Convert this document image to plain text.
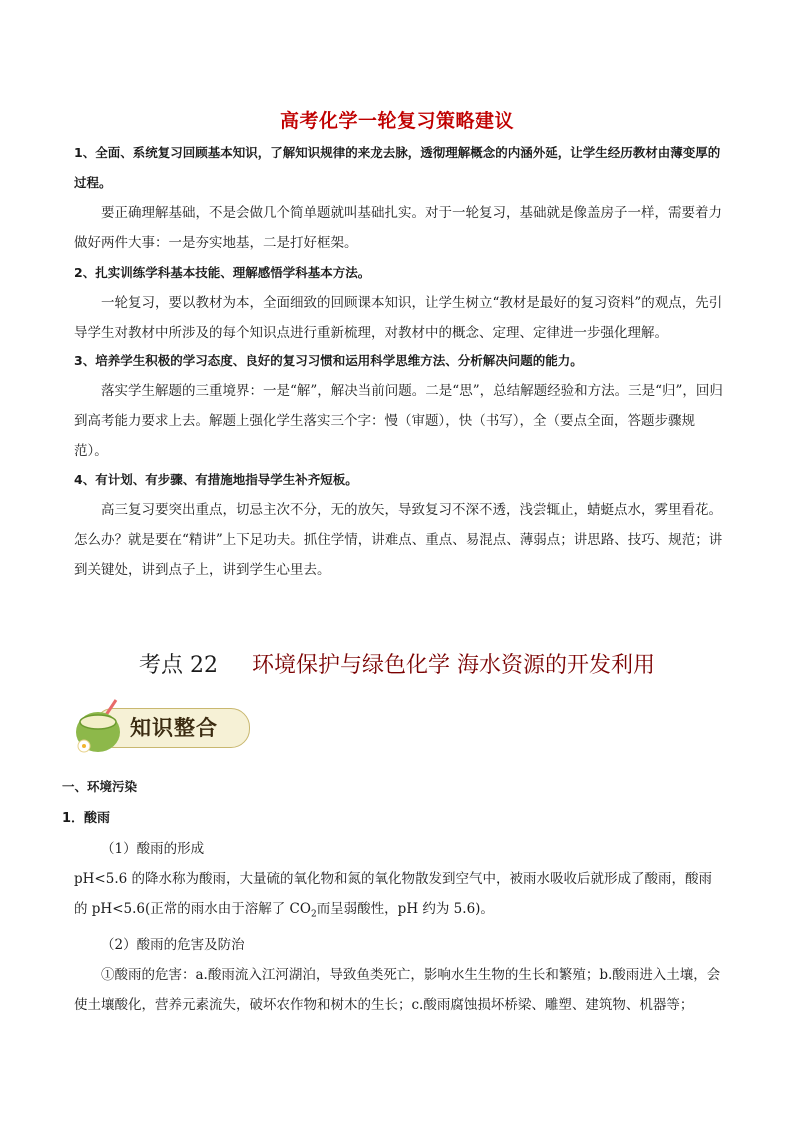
高考化学一轮复习策略建议
1、全面、系统复习回顾基本知识，了解知识规律的来龙去脉，透彻理解概念的内涵外延，让学生经历教材由薄变厚的过程。
要正确理解基础，不是会做几个简单题就叫基础扎实。对于一轮复习，基础就是像盖房子一样，需要着力做好两件大事：一是夯实地基，二是打好框架。
2、扎实训练学科基本技能、理解感悟学科基本方法。
一轮复习，要以教材为本，全面细致的回顾课本知识，让学生树立“教材是最好的复习资料”的观点，先引导学生对教材中所涉及的每个知识点进行重新梳理，对教材中的概念、定理、定律进一步强化理解。
3、培养学生积极的学习态度、良好的复习习惯和运用科学思维方法、分析解决问题的能力。
落实学生解题的三重境界：一是“解”，解决当前问题。二是“思”，总结解题经验和方法。三是“归”，回归到高考能力要求上去。解题上强化学生落实三个字：慢（审题），快（书写），全（要点全面，答题步骤规范）。
4、有计划、有步骤、有措施地指导学生补齐短板。
高三复习要突出重点，切忌主次不分，无的放矢，导致复习不深不透，浅尝辄止，蜻蜓点水，雾里看花。怎么办？就是要在“精讲”上下足功夫。抓住学情，讲难点、重点、易混点、薄弱点；讲思路、技巧、规范；讲到关键处，讲到点子上，讲到学生心里去。
考点 22 环境保护与绿色化学 海水资源的开发利用
知识整合
一、环境污染
1．酸雨
（1）酸雨的形成
pH<5.6 的降水称为酸雨，大量硫的氧化物和氮的氧化物散发到空气中，被雨水吸收后就形成了酸雨，酸雨的 pH<5.6(正常的雨水由于溶解了 $CO_2$而呈弱酸性，pH 约为 5.6)。
（2）酸雨的危害及防治
①酸雨的危害：a.酸雨流入江河湖泊，导致鱼类死亡，影响水生生物的生长和繁殖；b.酸雨进入土壤，会使土壤酸化，营养元素流失，破坏农作物和树木的生长；c.酸雨腐蚀损坏桥梁、雕塑、建筑物、机器等；
